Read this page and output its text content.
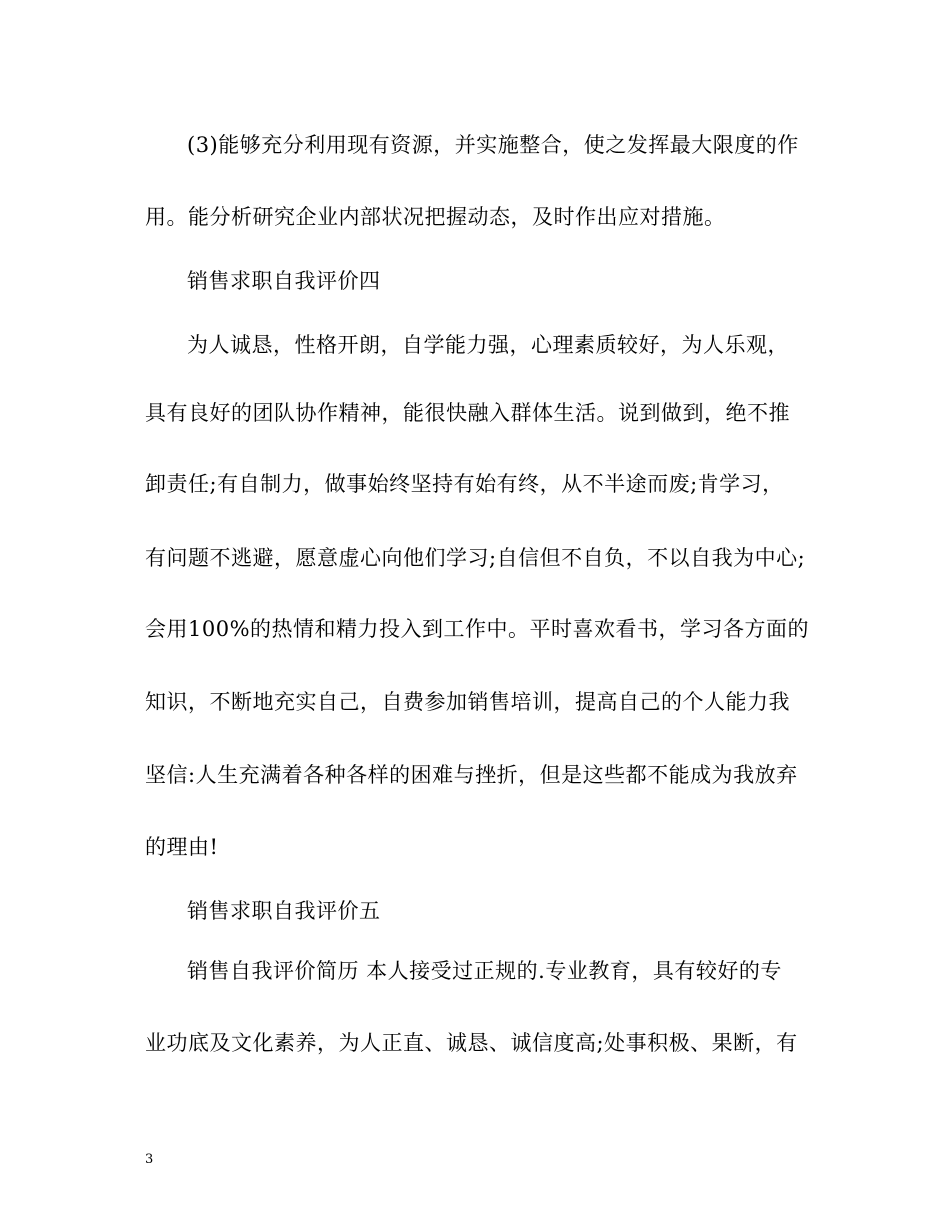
(3)能够充分利用现有资源，并实施整合，使之发挥最大限度的作
用。能分析研究企业内部状况把握动态，及时作出应对措施。
销售求职自我评价四
为人诚恳，性格开朗，自学能力强，心理素质较好，为人乐观，
具有良好的团队协作精神，能很快融入群体生活。说到做到，绝不推
卸责任;有自制力，做事始终坚持有始有终，从不半途而废;肯学习，
有问题不逃避，愿意虚心向他们学习;自信但不自负，不以自我为中心;
会用100%的热情和精力投入到工作中。平时喜欢看书，学习各方面的
知识，不断地充实自己，自费参加销售培训，提高自己的个人能力我
坚信:人生充满着各种各样的困难与挫折，但是这些都不能成为我放弃
的理由!
销售求职自我评价五
销售自我评价简历 本人接受过正规的.专业教育，具有较好的专
业功底及文化素养，为人正直、诚恳、诚信度高;处事积极、果断，有
3
